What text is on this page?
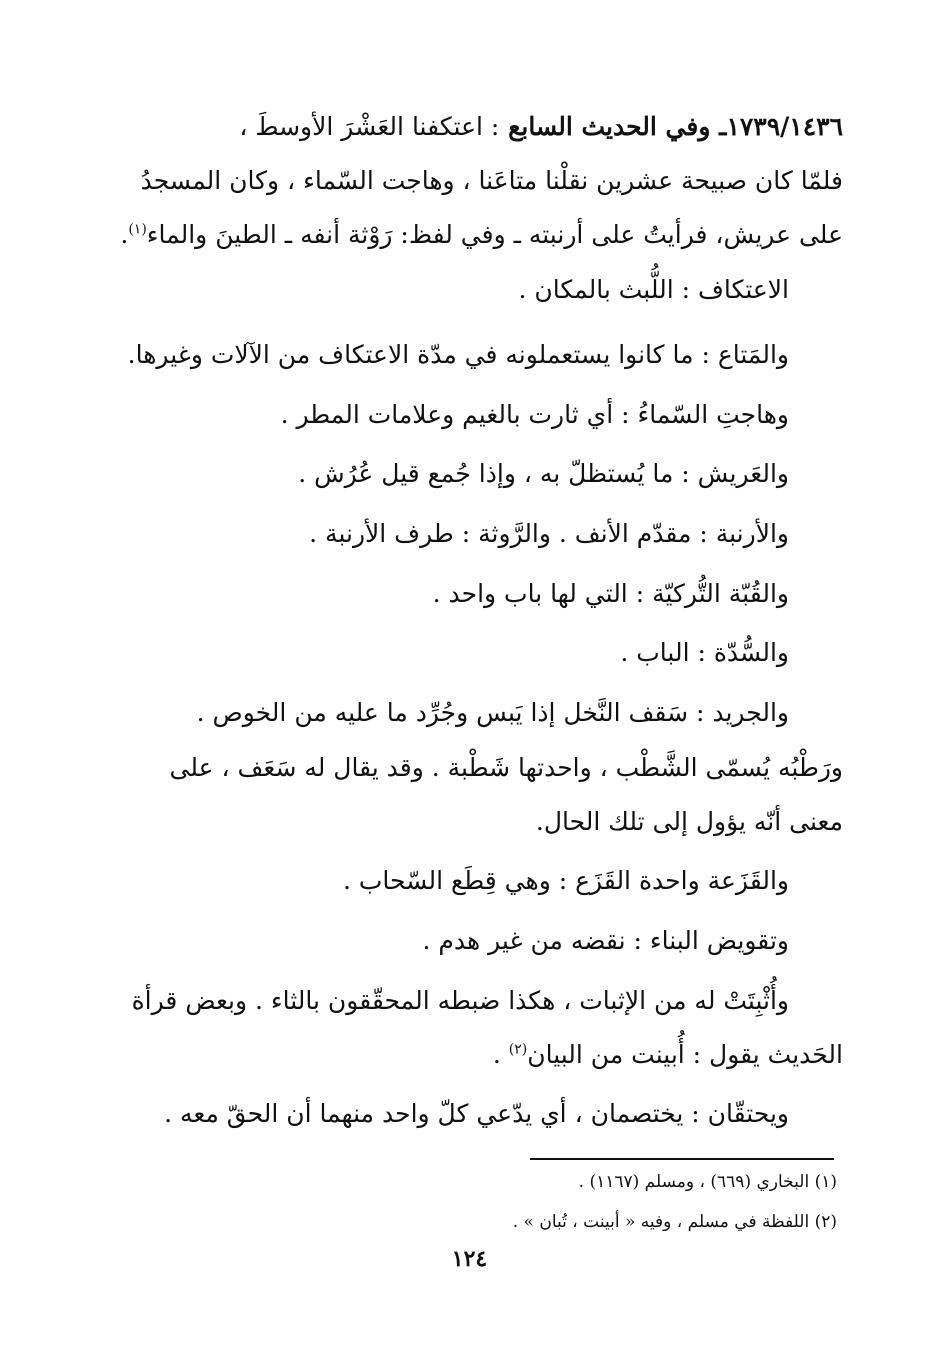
١٧٣٩/١٤٣٦ـ وفي الحديث السابع : اعتكفنا العَشْرَ الأوسطَ ،
فلمّا كان صبيحة عشرين نقلْنا متاعَنا ، وهاجت السّماء ، وكان المسجدُ
على عريش، فرأيتُ على أرنبته ـ وفي لفظ: رَوْثة أنفه ـ الطينَ والماء$^{(١)}$.
الاعتكاف : اللُّبث بالمكان .
والمَتاع : ما كانوا يستعملونه في مدّة الاعتكاف من الآلات وغيرها.
وهاجتِ السّماءُ : أي ثارت بالغيم وعلامات المطر .
والعَريش : ما يُستظلّ به ، وإذا جُمع قيل عُرُش .
والأرنبة : مقدّم الأنف . والرَّوثة : طرف الأرنبة .
والقُبّة التُّركيّة : التي لها باب واحد .
والسُّدّة : الباب .
والجريد : سَقف النَّخل إذا يَبس وجُرِّد ما عليه من الخوص .
ورَطْبُه يُسمّى الشَّطْب ، واحدتها شَطْبة . وقد يقال له سَعَف ، على
معنى أنّه يؤول إلى تلك الحال.
والقَزَعة واحدة القَزَع : وهي قِطَع السّحاب .
وتقويض البناء : نقضه من غير هدم .
وأُثْبِتَتْ له من الإثبات ، هكذا ضبطه المحقّقون بالثاء . وبعض قرأة
الحَديث يقول : أُبينت من البيان$^{(٢)}$ .
ويحتقّان : يختصمان ، أي يدّعي كلّ واحد منهما أن الحقّ معه .
(١) البخاري (٦٦٩) ، ومسلم (١١٦٧) .
(٢) اللفظة في مسلم ، وفيه « أبينت ، تُبان » .
١٢٤
